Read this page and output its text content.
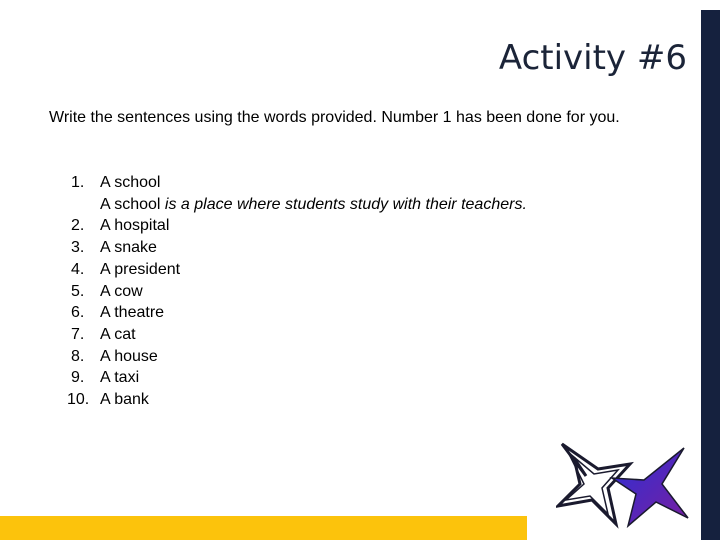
Activity #6

Write the sentences using the words provided. Number 1 has been done for you.

1. A school
A school is a place where students study with their teachers.
2. A hospital
3. A snake
4. A president
5. A cow
6. A theatre
7. A cat
8. A house
9. A taxi
10. A bank
